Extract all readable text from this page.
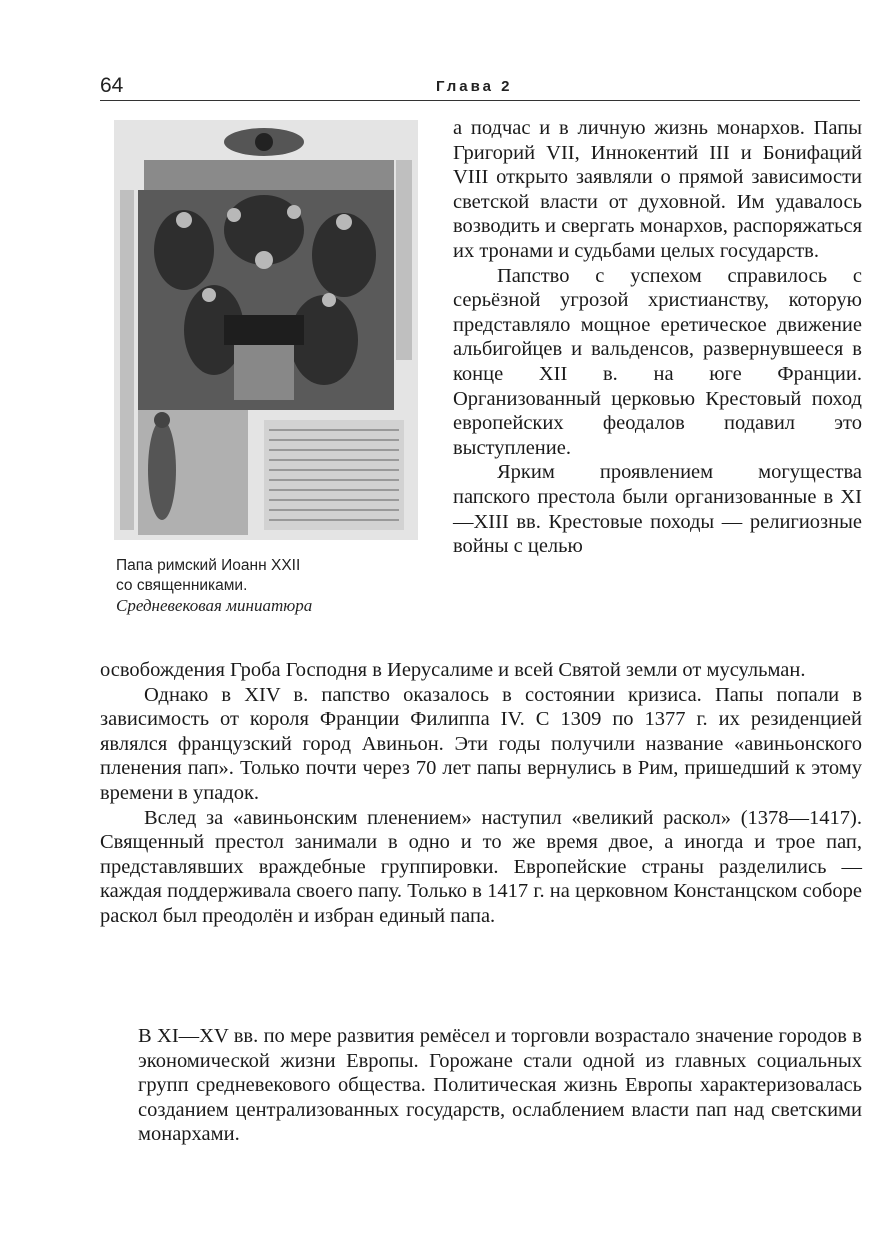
64	Глава 2
Папа римский Иоанн XXII
со священниками.
Средневековая миниатюра

а подчас и в личную жизнь монархов. Папы Григорий VII, Иннокентий III и Бонифаций VIII открыто заявляли о прямой зависимости светской власти от духовной. Им удавалось возводить и свергать монархов, распоряжаться их тронами и судьбами целых государств.

Папство с успехом справилось с серьёзной угрозой христианству, которую представляло мощное еретическое движение альбигойцев и вальденсов, развернувшееся в конце XII в. на юге Франции. Организованный церковью Крестовый поход европейских феодалов подавил это выступление.

Ярким проявлением могущества папского престола были организованные в XI—XIII вв. Крестовые походы — религиозные войны с целью

освобождения Гроба Господня в Иерусалиме и всей Святой земли от мусульман.

Однако в XIV в. папство оказалось в состоянии кризиса. Папы попали в зависимость от короля Франции Филиппа IV. С 1309 по 1377 г. их резиденцией являлся французский город Авиньон. Эти годы получили название «авиньонского пленения пап». Только почти через 70 лет папы вернулись в Рим, пришедший к этому времени в упадок.

Вслед за «авиньонским пленением» наступил «великий раскол» (1378—1417). Священный престол занимали в одно и то же время двое, а иногда и трое пап, представлявших враждебные группировки. Европейские страны разделились — каждая поддерживала своего папу. Только в 1417 г. на церковном Констанцском соборе раскол был преодолён и избран единый папа.

В XI—XV вв. по мере развития ремёсел и торговли возрастало значение городов в экономической жизни Европы. Горожане стали одной из главных социальных групп средневекового общества. Политическая жизнь Европы характеризовалась созданием централизованных государств, ослаблением власти пап над светскими монархами.
